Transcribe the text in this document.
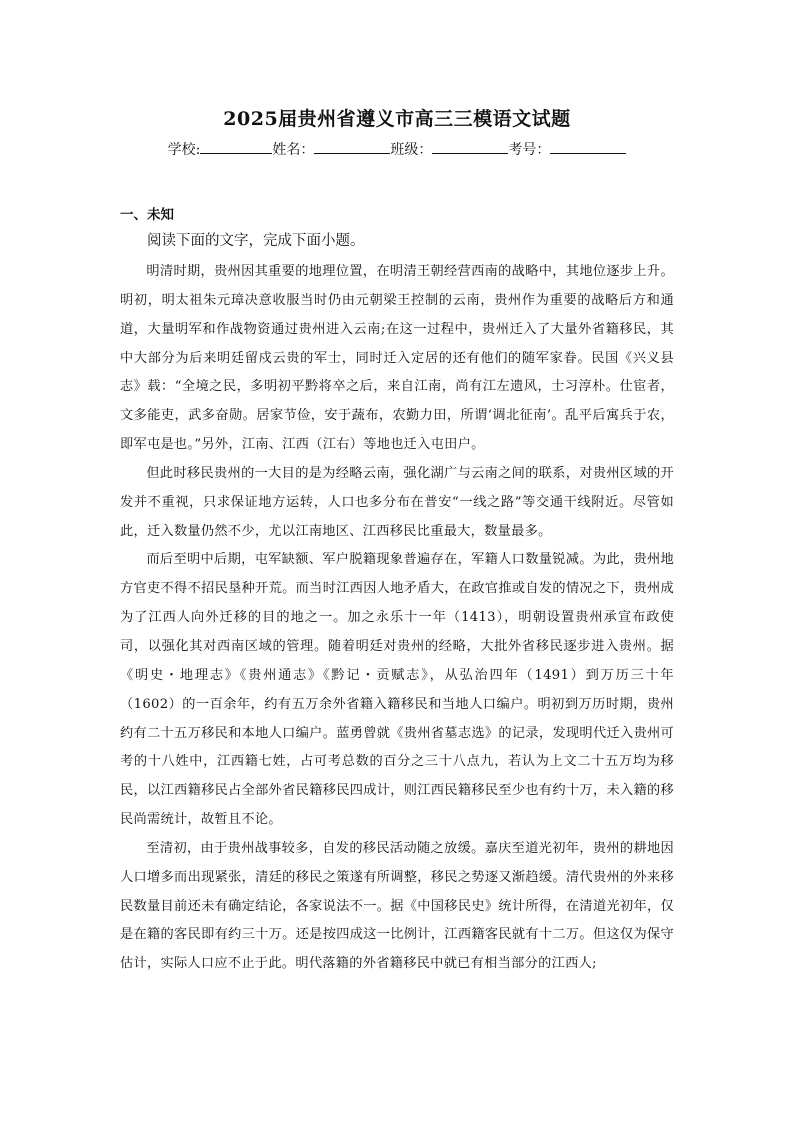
2025届贵州省遵义市高三三模语文试题
学校:	姓名：	班级：	考号：
一、未知
阅读下面的文字，完成下面小题。

明清时期，贵州因其重要的地理位置，在明清王朝经营西南的战略中，其地位逐步上升。明初，明太祖朱元璋决意收服当时仍由元朝梁王控制的云南，贵州作为重要的战略后方和通道，大量明军和作战物资通过贵州进入云南;在这一过程中，贵州迁入了大量外省籍移民，其中大部分为后来明廷留戍云贵的军士，同时迁入定居的还有他们的随军家眷。民国《兴义县志》载：“全境之民，多明初平黔将卒之后，来自江南，尚有江左遗风，士习淳朴。仕宦者，文多能吏，武多奋勋。居家节俭，安于蔬布，农勤力田，所谓‘调北征南’。乱平后寓兵于农，即军屯是也。”另外，江南、江西（江右）等地也迁入屯田户。

但此时移民贵州的一大目的是为经略云南，强化湖广与云南之间的联系，对贵州区域的开发并不重视，只求保证地方运转，人口也多分布在普安“一线之路”等交通干线附近。尽管如此，迁入数量仍然不少，尤以江南地区、江西移民比重最大，数量最多。

而后至明中后期，屯军缺额、军户脱籍现象普遍存在，军籍人口数量锐减。为此，贵州地方官吏不得不招民垦种开荒。而当时江西因人地矛盾大，在政官推或自发的情况之下，贵州成为了江西人向外迁移的目的地之一。加之永乐十一年（1413），明朝设置贵州承宣布政使司，以强化其对西南区域的管理。随着明廷对贵州的经略，大批外省移民逐步进入贵州。据《明史・地理志》《贵州通志》《黔记・贡赋志》，从弘治四年（1491）到万历三十年（1602）的一百余年，约有五万余外省籍入籍移民和当地人口编户。明初到万历时期，贵州约有二十五万移民和本地人口编户。蓝勇曾就《贵州省墓志选》的记录，发现明代迁入贵州可考的十八姓中，江西籍七姓，占可考总数的百分之三十八点九，若认为上文二十五万均为移民，以江西籍移民占全部外省民籍移民四成计，则江西民籍移民至少也有约十万，未入籍的移民尚需统计，故暂且不论。

至清初，由于贵州战事较多，自发的移民活动随之放缓。嘉庆至道光初年，贵州的耕地因人口增多而出现紧张，清廷的移民之策遂有所调整，移民之势逐又渐趋缓。清代贵州的外来移民数量目前还未有确定结论，各家说法不一。据《中国移民史》统计所得，在清道光初年，仅是在籍的客民即有约三十万。还是按四成这一比例计，江西籍客民就有十二万。但这仅为保守估计，实际人口应不止于此。明代落籍的外省籍移民中就已有相当部分的江西人;
